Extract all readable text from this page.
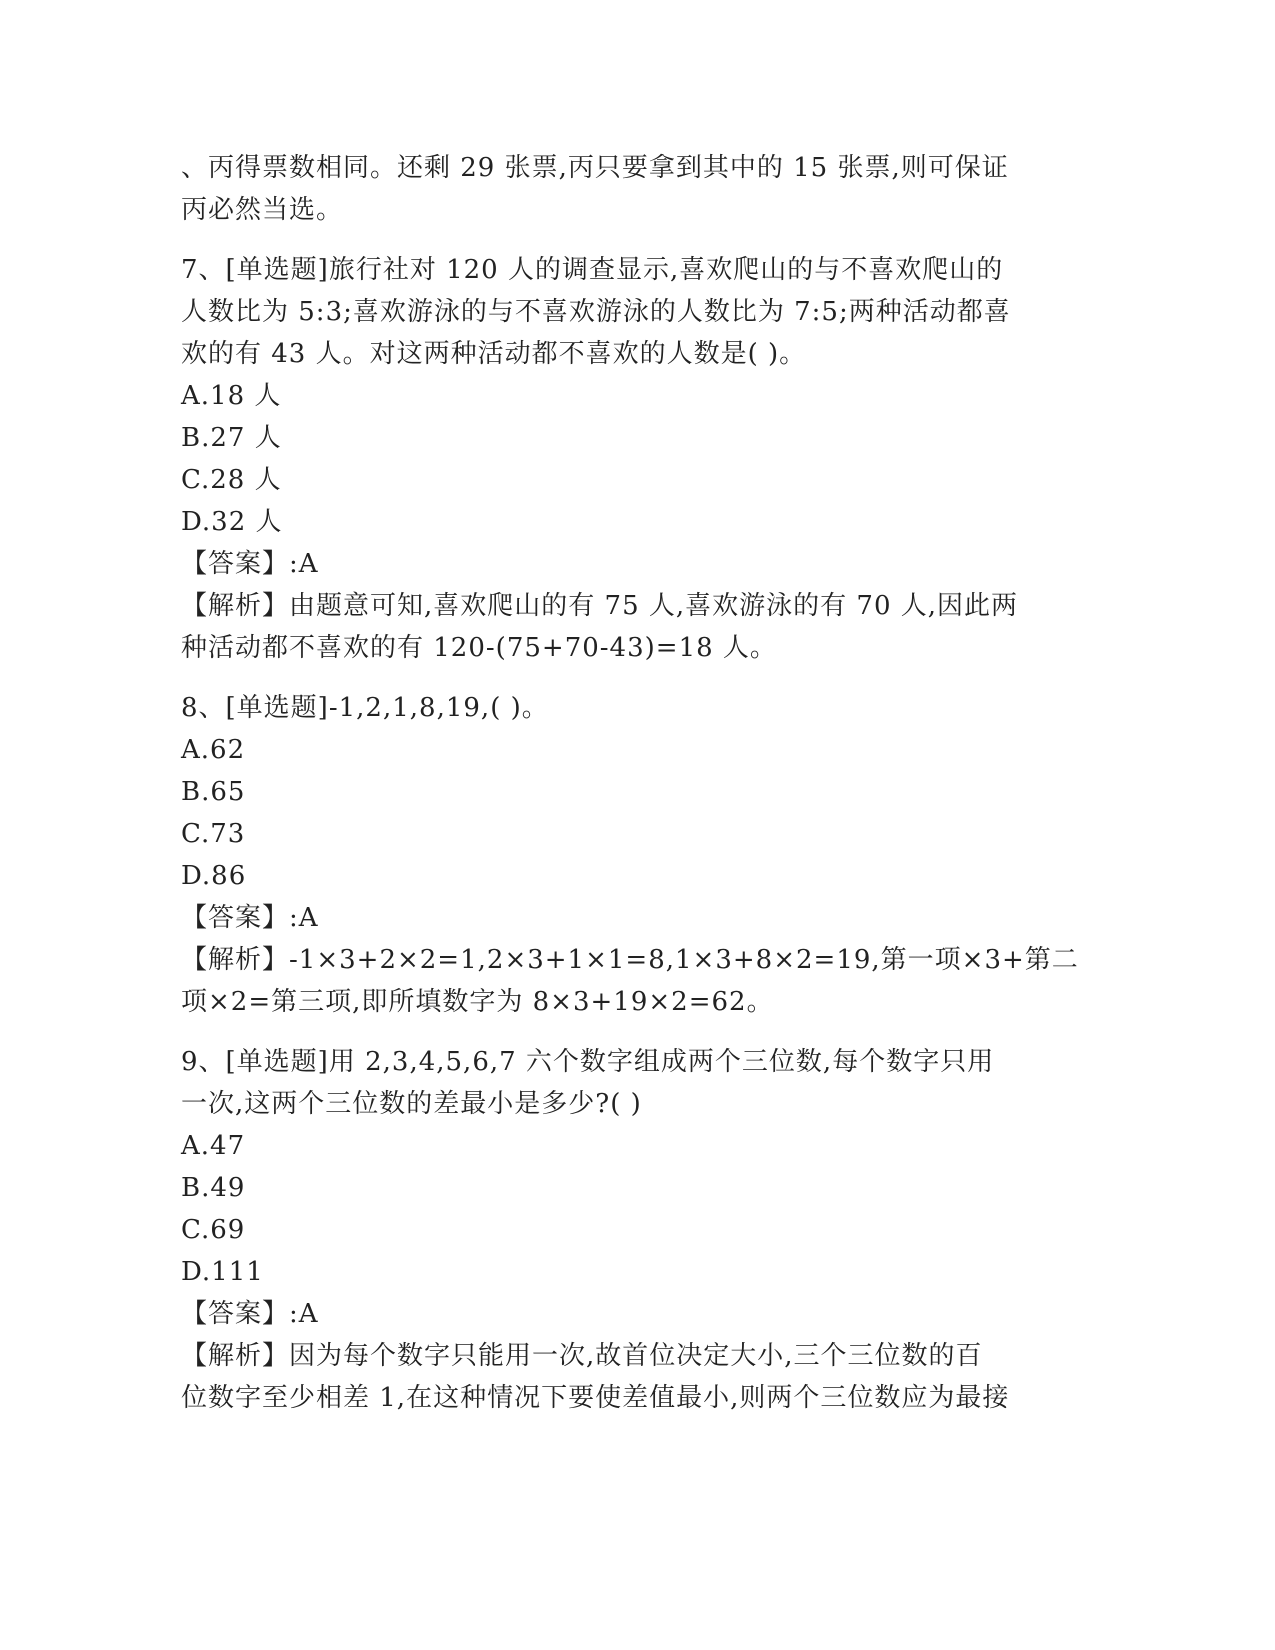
、丙得票数相同。还剩 29 张票,丙只要拿到其中的 15 张票,则可保证
丙必然当选。
7、[单选题]旅行社对 120 人的调查显示,喜欢爬山的与不喜欢爬山的
人数比为 5:3;喜欢游泳的与不喜欢游泳的人数比为 7:5;两种活动都喜
欢的有 43 人。对这两种活动都不喜欢的人数是( )。
A.18 人
B.27 人
C.28 人
D.32 人
【答案】:A
【解析】由题意可知,喜欢爬山的有 75 人,喜欢游泳的有 70 人,因此两
种活动都不喜欢的有 120-(75+70-43)=18 人。
8、[单选题]-1,2,1,8,19,( )。
A.62
B.65
C.73
D.86
【答案】:A
【解析】-1×3+2×2=1,2×3+1×1=8,1×3+8×2=19,第一项×3+第二
项×2=第三项,即所填数字为 8×3+19×2=62。
9、[单选题]用 2,3,4,5,6,7 六个数字组成两个三位数,每个数字只用
一次,这两个三位数的差最小是多少?( )
A.47
B.49
C.69
D.111
【答案】:A
【解析】因为每个数字只能用一次,故首位决定大小,三个三位数的百
位数字至少相差 1,在这种情况下要使差值最小,则两个三位数应为最接
